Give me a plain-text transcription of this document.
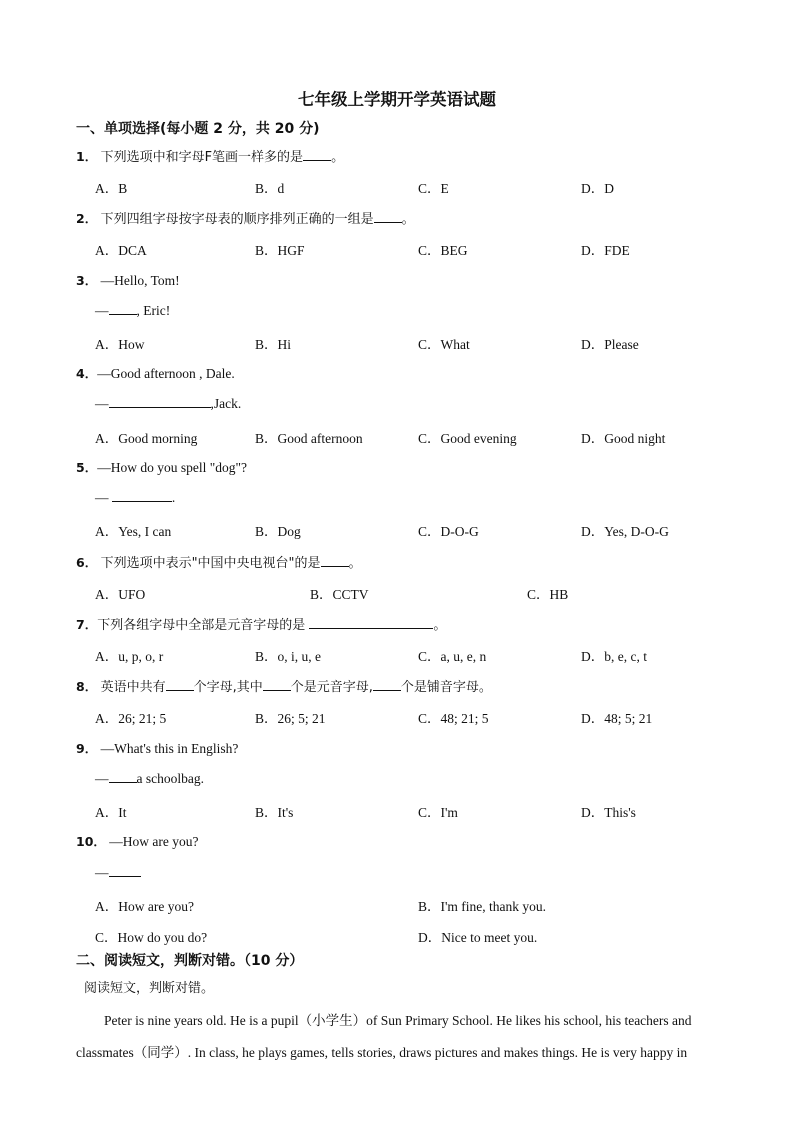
七年级上学期开学英语试题
一、单项选择(每小题 2 分，共 20 分)
1． 下列选项中和字母F笔画一样多的是 。
A．B	B．d	C．E	D．D
2． 下列四组字母按字母表的顺序排列正确的一组是 。
A．DCA	B．HGF	C．BEG	D．FDE
3． —Hello, Tom!
— , Eric!
A．How	B．Hi	C．What	D．Please
4．—Good afternoon , Dale.
—	,Jack.
A．Good morning	B．Good afternoon	C．Good evening	D．Good night
5．—How do you spell "dog"?
—	.
A．Yes, I can	B．Dog	C．D-O-G	D．Yes, D-O-G
6． 下列选项中表示"中国中央电视台"的是 。
A．UFO	B．CCTV	C．HB
7．下列各组字母中全部是元音字母的是	。
A．u, p, o, r	B．o, i, u, e	C．a, u, e, n	D．b, e, c, t
8． 英语中共有 个字母,其中 个是元音字母, 个是铺音字母。
A．26; 21; 5	B．26; 5; 21	C．48; 21; 5	D．48; 5; 21
9． —What's this in English?
— a schoolbag.
A．It	B．It's	C．I'm	D．This's
10． —How are you?
—
A．How are you?	B．I'm fine, thank you.
C．How do you do?	D．Nice to meet you.
二、阅读短文，判断对错。（10 分）
阅读短文，判断对错。
Peter is nine years old. He is a pupil（小学生）of Sun Primary School. He likes his school, his teachers and
classmates（同学）. In class, he plays games, tells stories, draws pictures and makes things. He is very happy in
